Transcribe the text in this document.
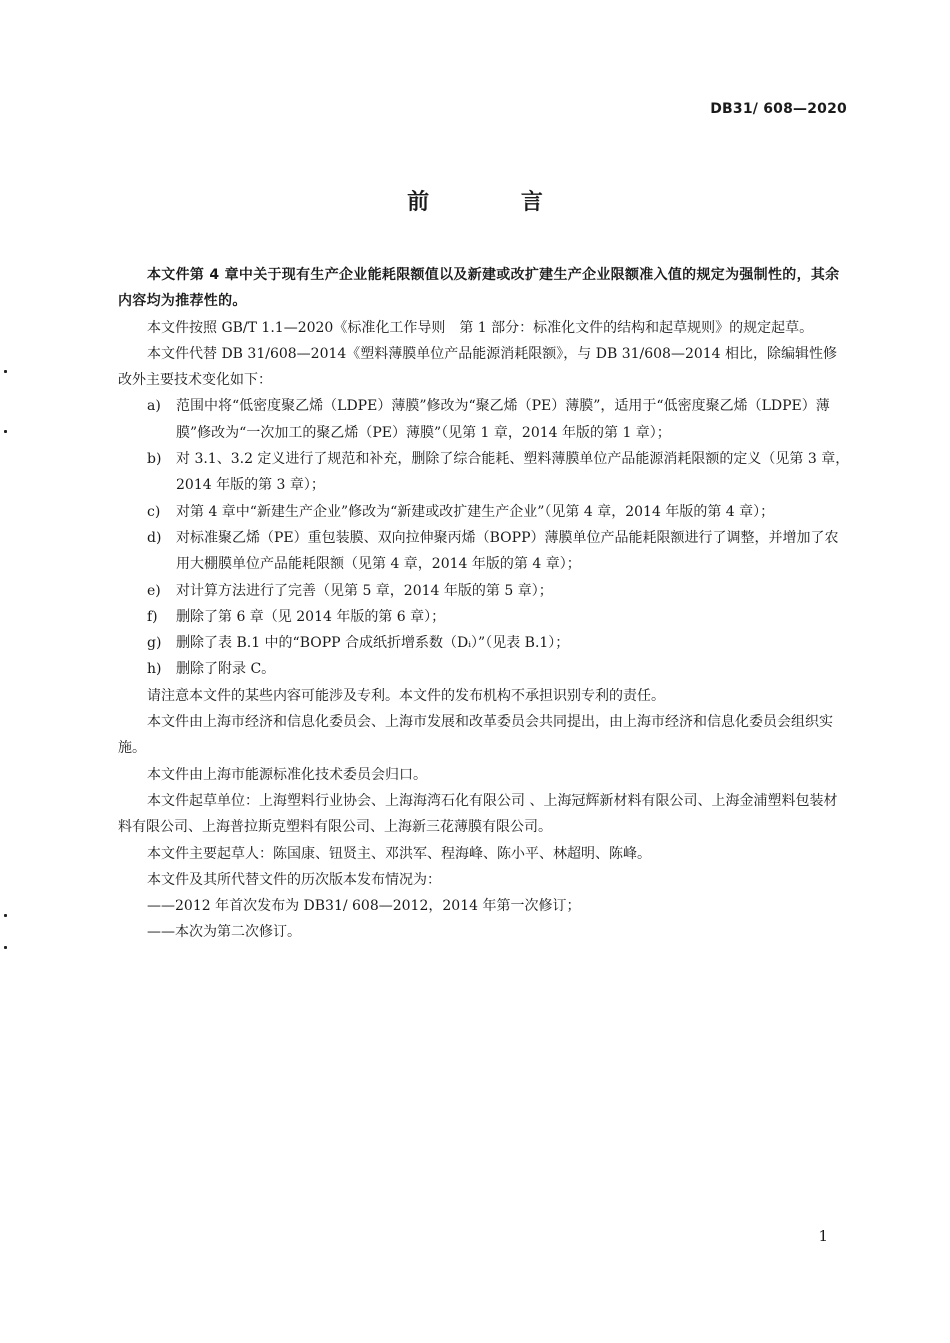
DB31/ 608—2020
前 言

本文件第 4 章中关于现有生产企业能耗限额值以及新建或改扩建生产企业限额准入值的规定为强制性的，其余内容均为推荐性的。

本文件按照 GB/T 1.1—2020《标准化工作导则　第 1 部分：标准化文件的结构和起草规则》的规定起草。

本文件代替 DB 31/608—2014《塑料薄膜单位产品能源消耗限额》，与 DB 31/608—2014 相比，除编辑性修改外主要技术变化如下：

a)	范围中将“低密度聚乙烯（LDPE）薄膜”修改为“聚乙烯（PE）薄膜”，适用于“低密度聚乙烯（LDPE）薄膜”修改为“一次加工的聚乙烯（PE）薄膜”（见第 1 章，2014 年版的第 1 章）；
b)	对 3.1、3.2 定义进行了规范和补充，删除了综合能耗、塑料薄膜单位产品能源消耗限额的定义（见第 3 章，2014 年版的第 3 章）；
c)	对第 4 章中“新建生产企业”修改为“新建或改扩建生产企业”（见第 4 章，2014 年版的第 4 章）；
d)	对标准聚乙烯（PE）重包装膜、双向拉伸聚丙烯（BOPP）薄膜单位产品能耗限额进行了调整，并增加了农用大棚膜单位产品能耗限额（见第 4 章，2014 年版的第 4 章）；
e)	对计算方法进行了完善（见第 5 章，2014 年版的第 5 章）；
f)	删除了第 6 章（见 2014 年版的第 6 章）；
g)	删除了表 B.1 中的“BOPP 合成纸折增系数（Dᵢ）”（见表 B.1）；
h)	删除了附录 C。

请注意本文件的某些内容可能涉及专利。本文件的发布机构不承担识别专利的责任。

本文件由上海市经济和信息化委员会、上海市发展和改革委员会共同提出，由上海市经济和信息化委员会组织实施。

本文件由上海市能源标准化技术委员会归口。

本文件起草单位：上海塑料行业协会、上海海湾石化有限公司 、上海冠辉新材料有限公司、上海金浦塑料包装材料有限公司、上海普拉斯克塑料有限公司、上海新三花薄膜有限公司。

本文件主要起草人：陈国康、钮贤主、邓洪军、程海峰、陈小平、林超明、陈峰。

本文件及其所代替文件的历次版本发布情况为：

——2012 年首次发布为 DB31/ 608—2012，2014 年第一次修订；

——本次为第二次修订。

1
